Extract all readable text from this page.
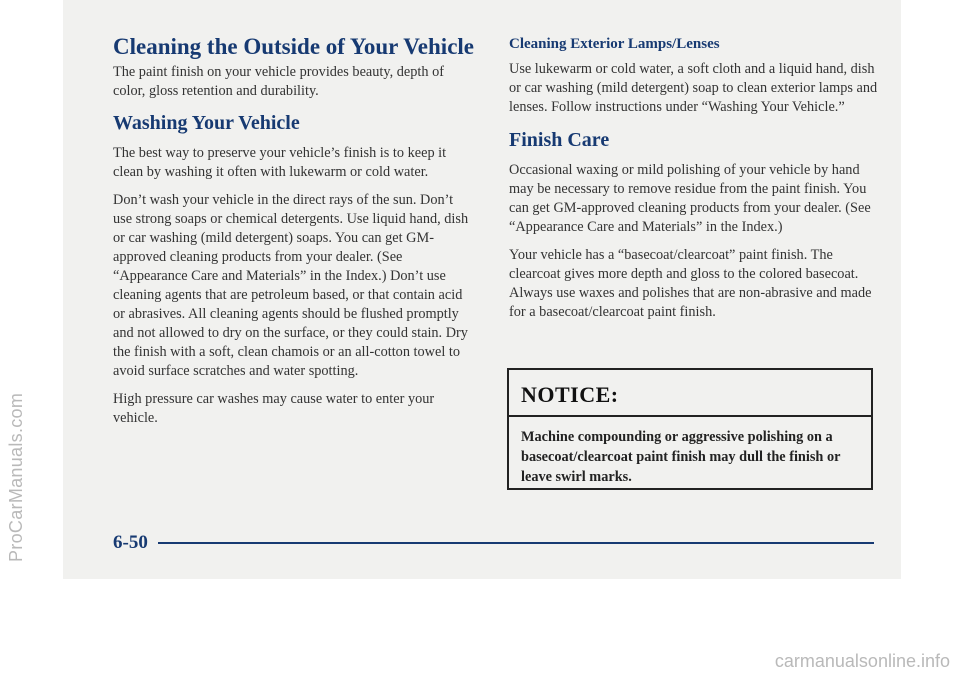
Cleaning the Outside of Your Vehicle

The paint finish on your vehicle provides beauty, depth of color, gloss retention and durability.

Washing Your Vehicle

The best way to preserve your vehicle’s finish is to keep it clean by washing it often with lukewarm or cold water.

Don’t wash your vehicle in the direct rays of the sun. Don’t use strong soaps or chemical detergents. Use liquid hand, dish or car washing (mild detergent) soaps. You can get GM-approved cleaning products from your dealer. (See “Appearance Care and Materials” in the Index.) Don’t use cleaning agents that are petroleum based, or that contain acid or abrasives. All cleaning agents should be flushed promptly and not allowed to dry on the surface, or they could stain. Dry the finish with a soft, clean chamois or an all-cotton towel to avoid surface scratches and water spotting.

High pressure car washes may cause water to enter your vehicle.

Cleaning Exterior Lamps/Lenses

Use lukewarm or cold water, a soft cloth and a liquid hand, dish or car washing (mild detergent) soap to clean exterior lamps and lenses. Follow instructions under “Washing Your Vehicle.”

Finish Care

Occasional waxing or mild polishing of your vehicle by hand may be necessary to remove residue from the paint finish. You can get GM-approved cleaning products from your dealer. (See “Appearance Care and Materials” in the Index.)

Your vehicle has a “basecoat/clearcoat” paint finish. The clearcoat gives more depth and gloss to the colored basecoat. Always use waxes and polishes that are non-abrasive and made for a basecoat/clearcoat paint finish.

NOTICE:
Machine compounding or aggressive polishing on a basecoat/clearcoat paint finish may dull the finish or leave swirl marks.
6-50
ProCarManuals.com
carmanualsonline.info
